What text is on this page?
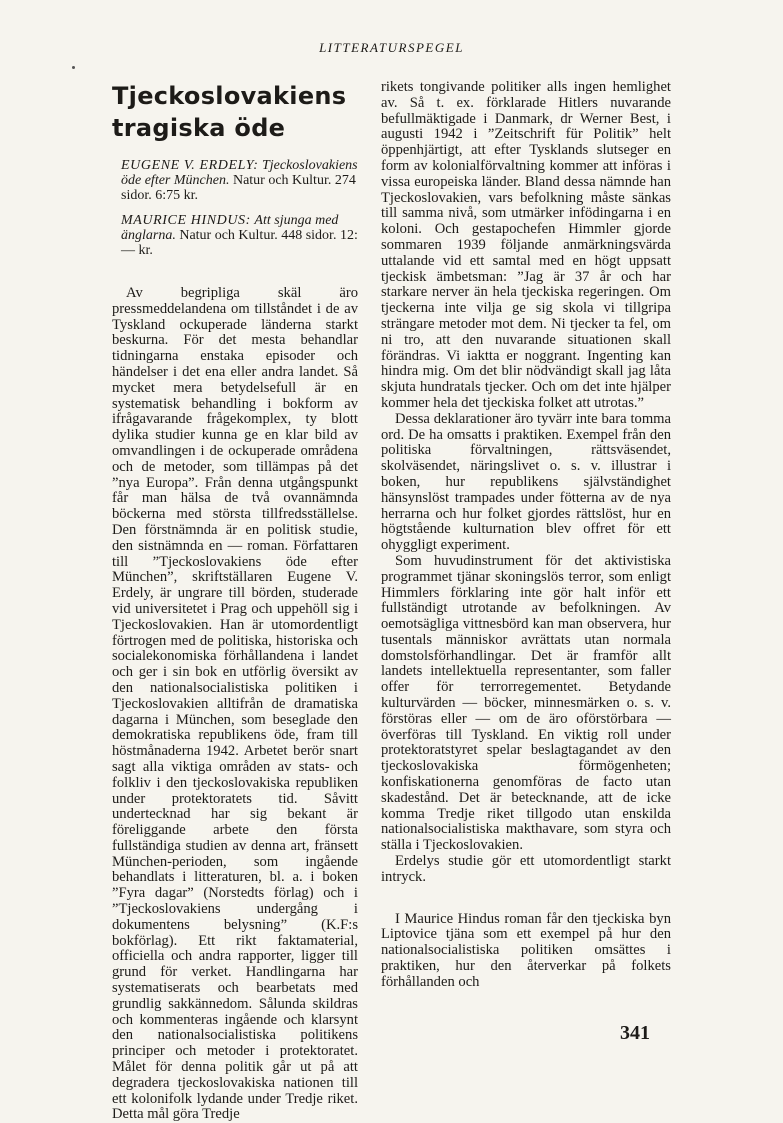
LITTERATURSPEGEL
Tjeckoslovakiens
tragiska öde
EUGENE V. ERDELY: Tjeckoslovakiens öde efter München. Natur och Kultur. 274 sidor. 6:75 kr.
MAURICE HINDUS: Att sjunga med änglarna. Natur och Kultur. 448 sidor. 12:— kr.

Av begripliga skäl äro pressmeddelandena om tillståndet i de av Tyskland ockuperade länderna starkt beskurna. För det mesta behandlar tidningarna enstaka episoder och händelser i det ena eller andra landet. Så mycket mera betydelsefull är en systematisk behandling i bokform av ifrågavarande frågekomplex, ty blott dylika studier kunna ge en klar bild av omvandlingen i de ockuperade områdena och de metoder, som tillämpas på det ”nya Europa”. Från denna utgångspunkt får man hälsa de två ovannämnda böckerna med största tillfredsställelse. Den förstnämnda är en politisk studie, den sistnämnda en — roman. Författaren till ”Tjeckoslovakiens öde efter München”, skriftställaren Eugene V. Erdely, är ungrare till börden, studerade vid universitetet i Prag och uppehöll sig i Tjeckoslovakien. Han är utomordentligt förtrogen med de politiska, historiska och socialekonomiska förhållandena i landet och ger i sin bok en utförlig översikt av den nationalsocialistiska politiken i Tjeckoslovakien alltifrån de dramatiska dagarna i München, som beseglade den demokratiska republikens öde, fram till höstmånaderna 1942. Arbetet berör snart sagt alla viktiga områden av stats- och folkliv i den tjeckoslovakiska republiken under protektoratets tid. Såvitt undertecknad har sig bekant är föreliggande arbete den första fullständiga studien av denna art, fränsett München-perioden, som ingående behandlats i litteraturen, bl. a. i boken ”Fyra dagar” (Norstedts förlag) och i ”Tjeckoslovakiens undergång i dokumentens belysning” (K.F:s bokförlag). Ett rikt faktamaterial, officiella och andra rapporter, ligger till grund för verket. Handlingarna har systematiserats och bearbetats med grundlig sakkännedom. Sålunda skildras och kommenteras ingående och klarsynt den nationalsocialistiska politikens principer och metoder i protektoratet. Målet för denna politik går ut på att degradera tjeckoslovakiska nationen till ett kolonifolk lydande under Tredje riket. Detta mål göra Tredje

rikets tongivande politiker alls ingen hemlighet av. Så t. ex. förklarade Hitlers nuvarande befullmäktigade i Danmark, dr Werner Best, i augusti 1942 i ”Zeitschrift für Politik” helt öppenhjärtigt, att efter Tysklands slutseger en form av kolonialförvaltning kommer att införas i vissa europeiska länder. Bland dessa nämnde han Tjeckoslovakien, vars befolkning måste sänkas till samma nivå, som utmärker infödingarna i en koloni. Och gestapochefen Himmler gjorde sommaren 1939 följande anmärkningsvärda uttalande vid ett samtal med en högt uppsatt tjeckisk ämbetsman: ”Jag är 37 år och har starkare nerver än hela tjeckiska regeringen. Om tjeckerna inte vilja ge sig skola vi tillgripa strängare metoder mot dem. Ni tjecker ta fel, om ni tro, att den nuvarande situationen skall förändras. Vi iaktta er noggrant. Ingenting kan hindra mig. Om det blir nödvändigt skall jag låta skjuta hundratals tjecker. Och om det inte hjälper kommer hela det tjeckiska folket att utrotas.”

Dessa deklarationer äro tyvärr inte bara tomma ord. De ha omsatts i praktiken. Exempel från den politiska förvaltningen, rättsväsendet, skolväsendet, näringslivet o. s. v. illustrar i boken, hur republikens självständighet hänsynslöst trampades under fötterna av de nya herrarna och hur folket gjordes rättslöst, hur en högtstående kulturnation blev offret för ett ohyggligt experiment.

Som huvudinstrument för det aktivistiska programmet tjänar skoningslös terror, som enligt Himmlers förklaring inte gör halt inför ett fullständigt utrotande av befolkningen. Av oemotsägliga vittnesbörd kan man observera, hur tusentals människor avrättats utan normala domstolsförhandlingar. Det är framför allt landets intellektuella representanter, som faller offer för terrorregementet. Betydande kulturvärden — böcker, minnesmärken o. s. v. förstöras eller — om de äro oförstörbara — överföras till Tyskland. En viktig roll under protektoratstyret spelar beslagtagandet av den tjeckoslovakiska förmögenheten; konfiskationerna genomföras de facto utan skadestånd. Det är betecknande, att de icke komma Tredje riket tillgodo utan enskilda nationalsocialistiska makthavare, som styra och ställa i Tjeckoslovakien.

Erdelys studie gör ett utomordentligt starkt intryck.

I Maurice Hindus roman får den tjeckiska byn Liptovice tjäna som ett exempel på hur den nationalsocialistiska politiken omsättes i praktiken, hur den återverkar på folkets förhållanden och

341
